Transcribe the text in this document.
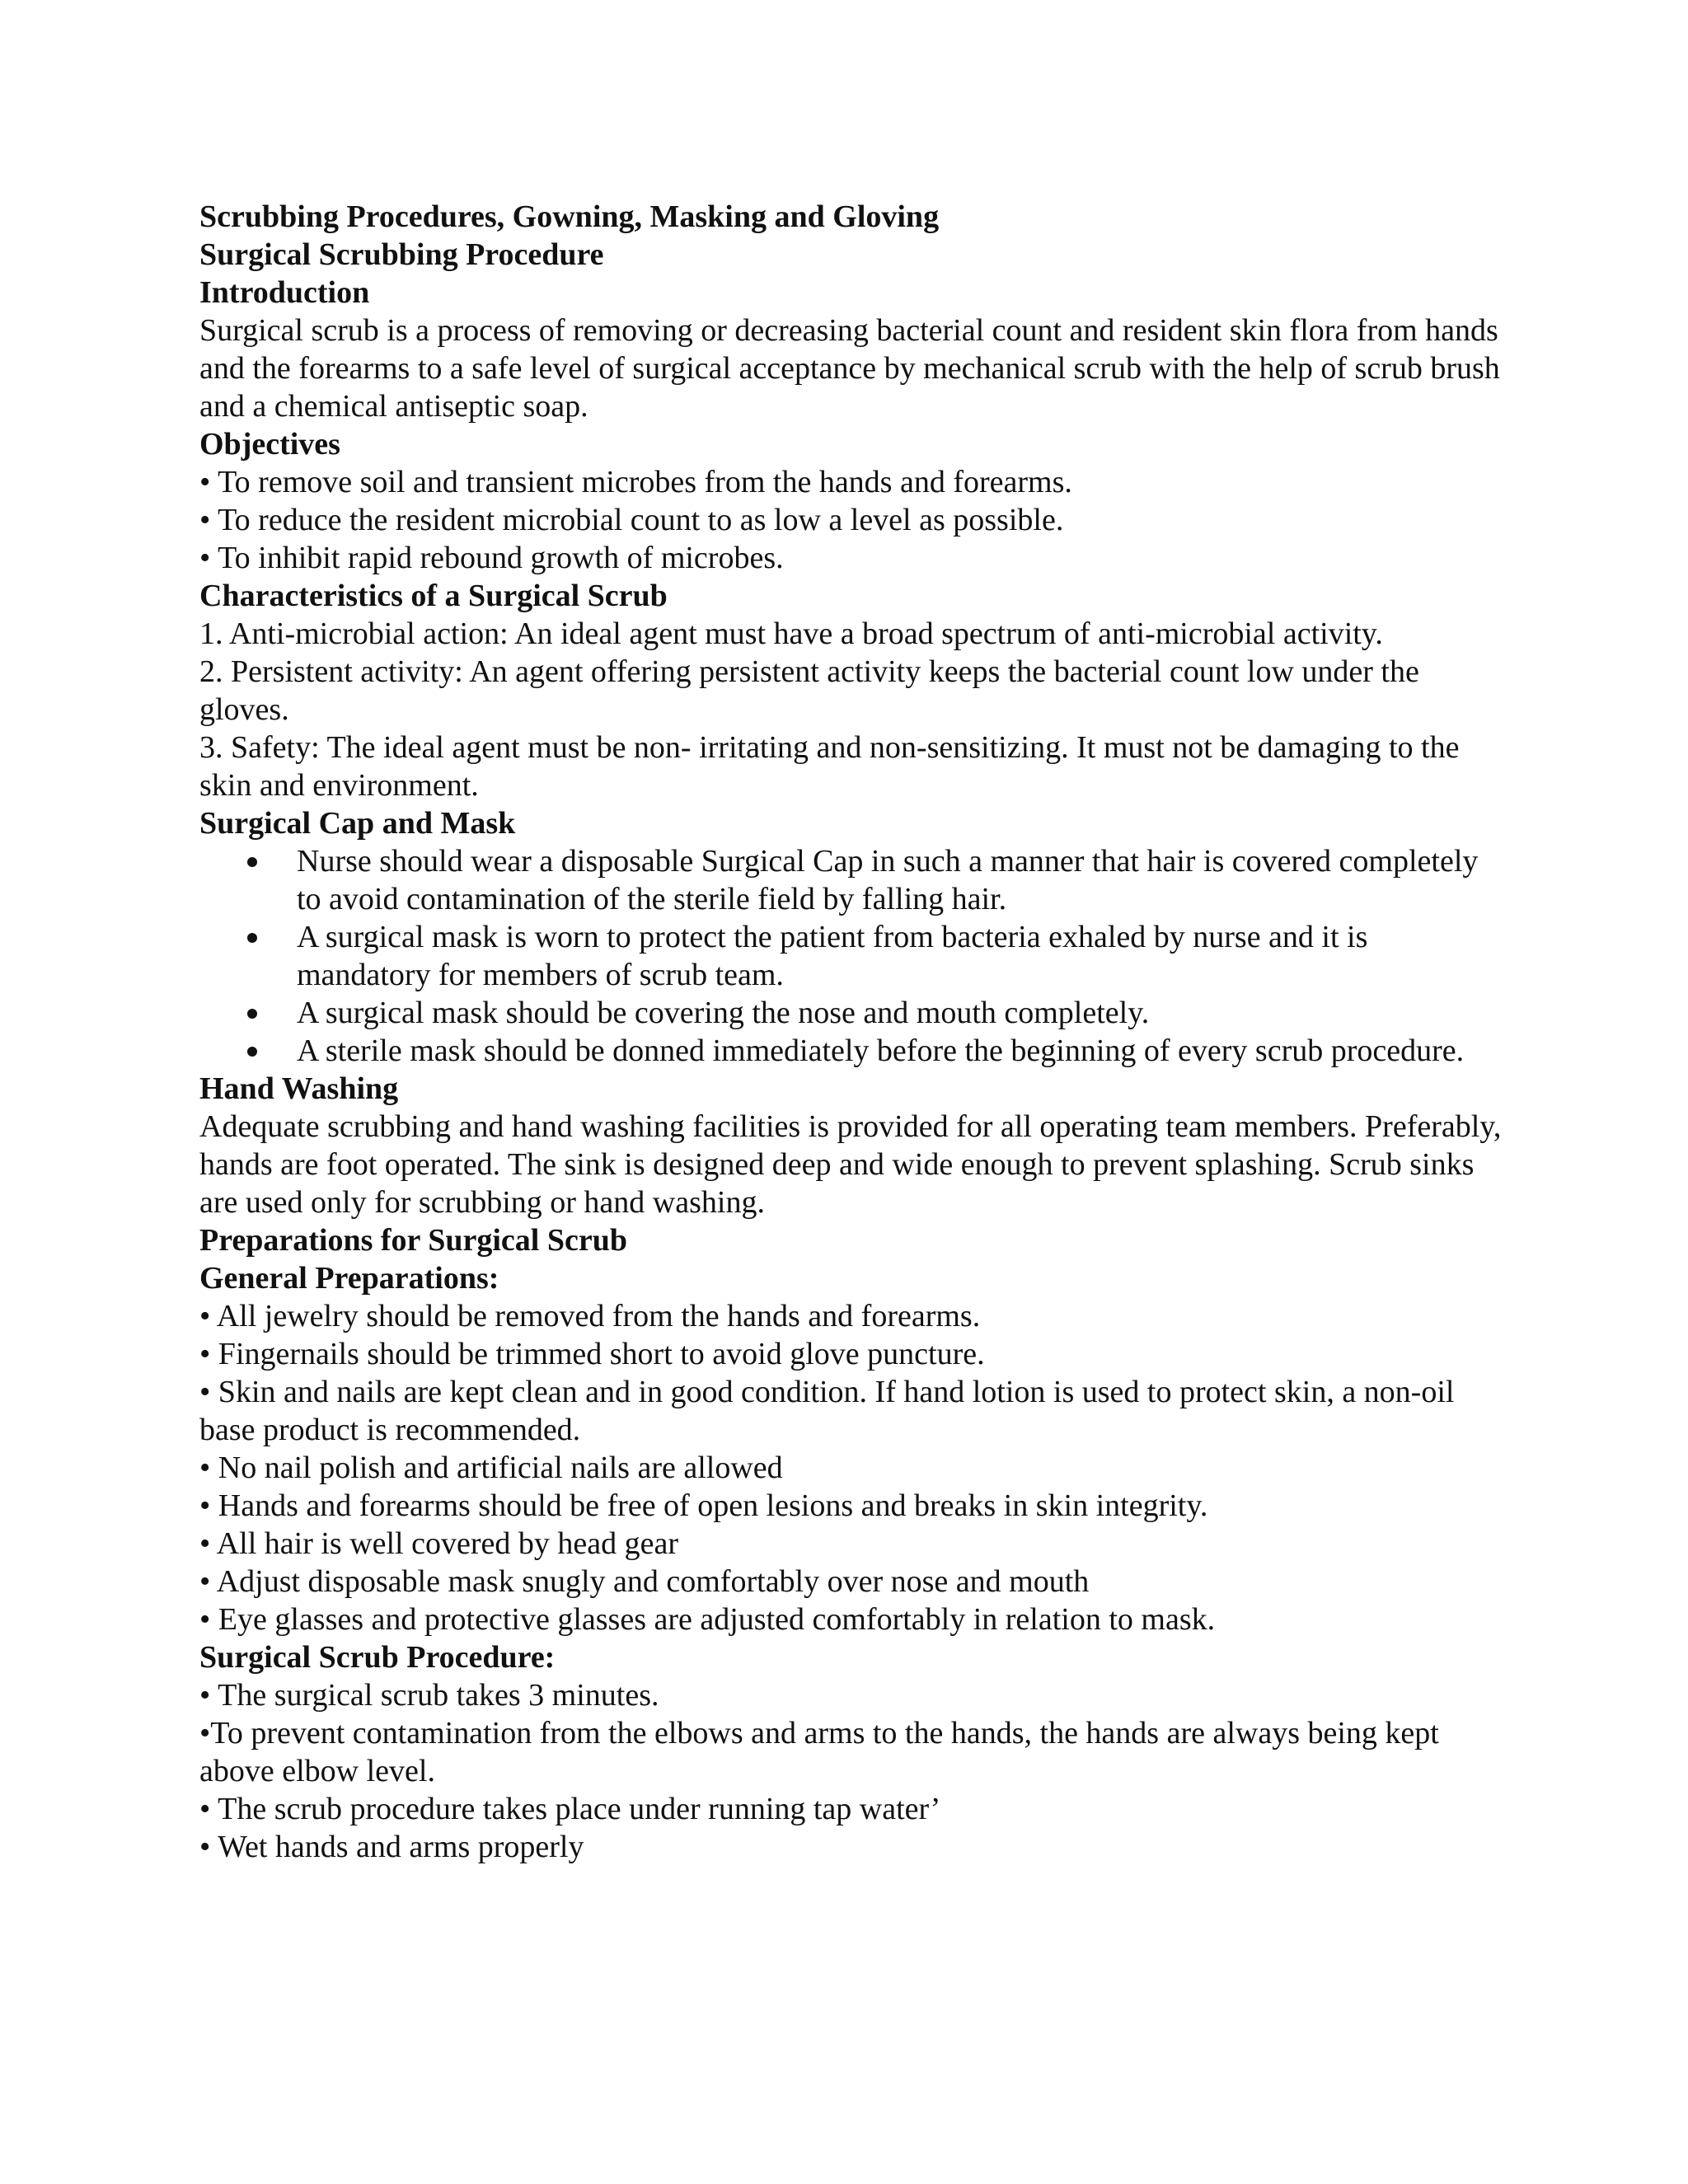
Scrubbing Procedures, Gowning, Masking and Gloving
Surgical Scrubbing Procedure
Introduction
Surgical scrub is a process of removing or decreasing bacterial count and resident skin flora from hands and the forearms to a safe level of surgical acceptance by mechanical scrub with the help of scrub brush and a chemical antiseptic soap.
Objectives
• To remove soil and transient microbes from the hands and forearms.
• To reduce the resident microbial count to as low a level as possible.
• To inhibit rapid rebound growth of microbes.
Characteristics of a Surgical Scrub
1. Anti-microbial action: An ideal agent must have a broad spectrum of anti-microbial activity.
2. Persistent activity: An agent offering persistent activity keeps the bacterial count low under the gloves.
3. Safety: The ideal agent must be non- irritating and non-sensitizing. It must not be damaging to the skin and environment.
Surgical Cap and Mask
Nurse should wear a disposable Surgical Cap in such a manner that hair is covered completely to avoid contamination of the sterile field by falling hair.
A surgical mask is worn to protect the patient from bacteria exhaled by nurse and it is mandatory for members of scrub team.
A surgical mask should be covering the nose and mouth completely.
A sterile mask should be donned immediately before the beginning of every scrub procedure.
Hand Washing
Adequate scrubbing and hand washing facilities is provided for all operating team members. Preferably, hands are foot operated. The sink is designed deep and wide enough to prevent splashing. Scrub sinks are used only for scrubbing or hand washing.
Preparations for Surgical Scrub
General Preparations:
• All jewelry should be removed from the hands and forearms.
• Fingernails should be trimmed short to avoid glove puncture.
• Skin and nails are kept clean and in good condition. If hand lotion is used to protect skin, a non-oil base product is recommended.
• No nail polish and artificial nails are allowed
• Hands and forearms should be free of open lesions and breaks in skin integrity.
• All hair is well covered by head gear
• Adjust disposable mask snugly and comfortably over nose and mouth
• Eye glasses and protective glasses are adjusted comfortably in relation to mask.
Surgical Scrub Procedure:
• The surgical scrub takes 3 minutes.
•To prevent contamination from the elbows and arms to the hands, the hands are always being kept above elbow level.
• The scrub procedure takes place under running tap water’
• Wet hands and arms properly
